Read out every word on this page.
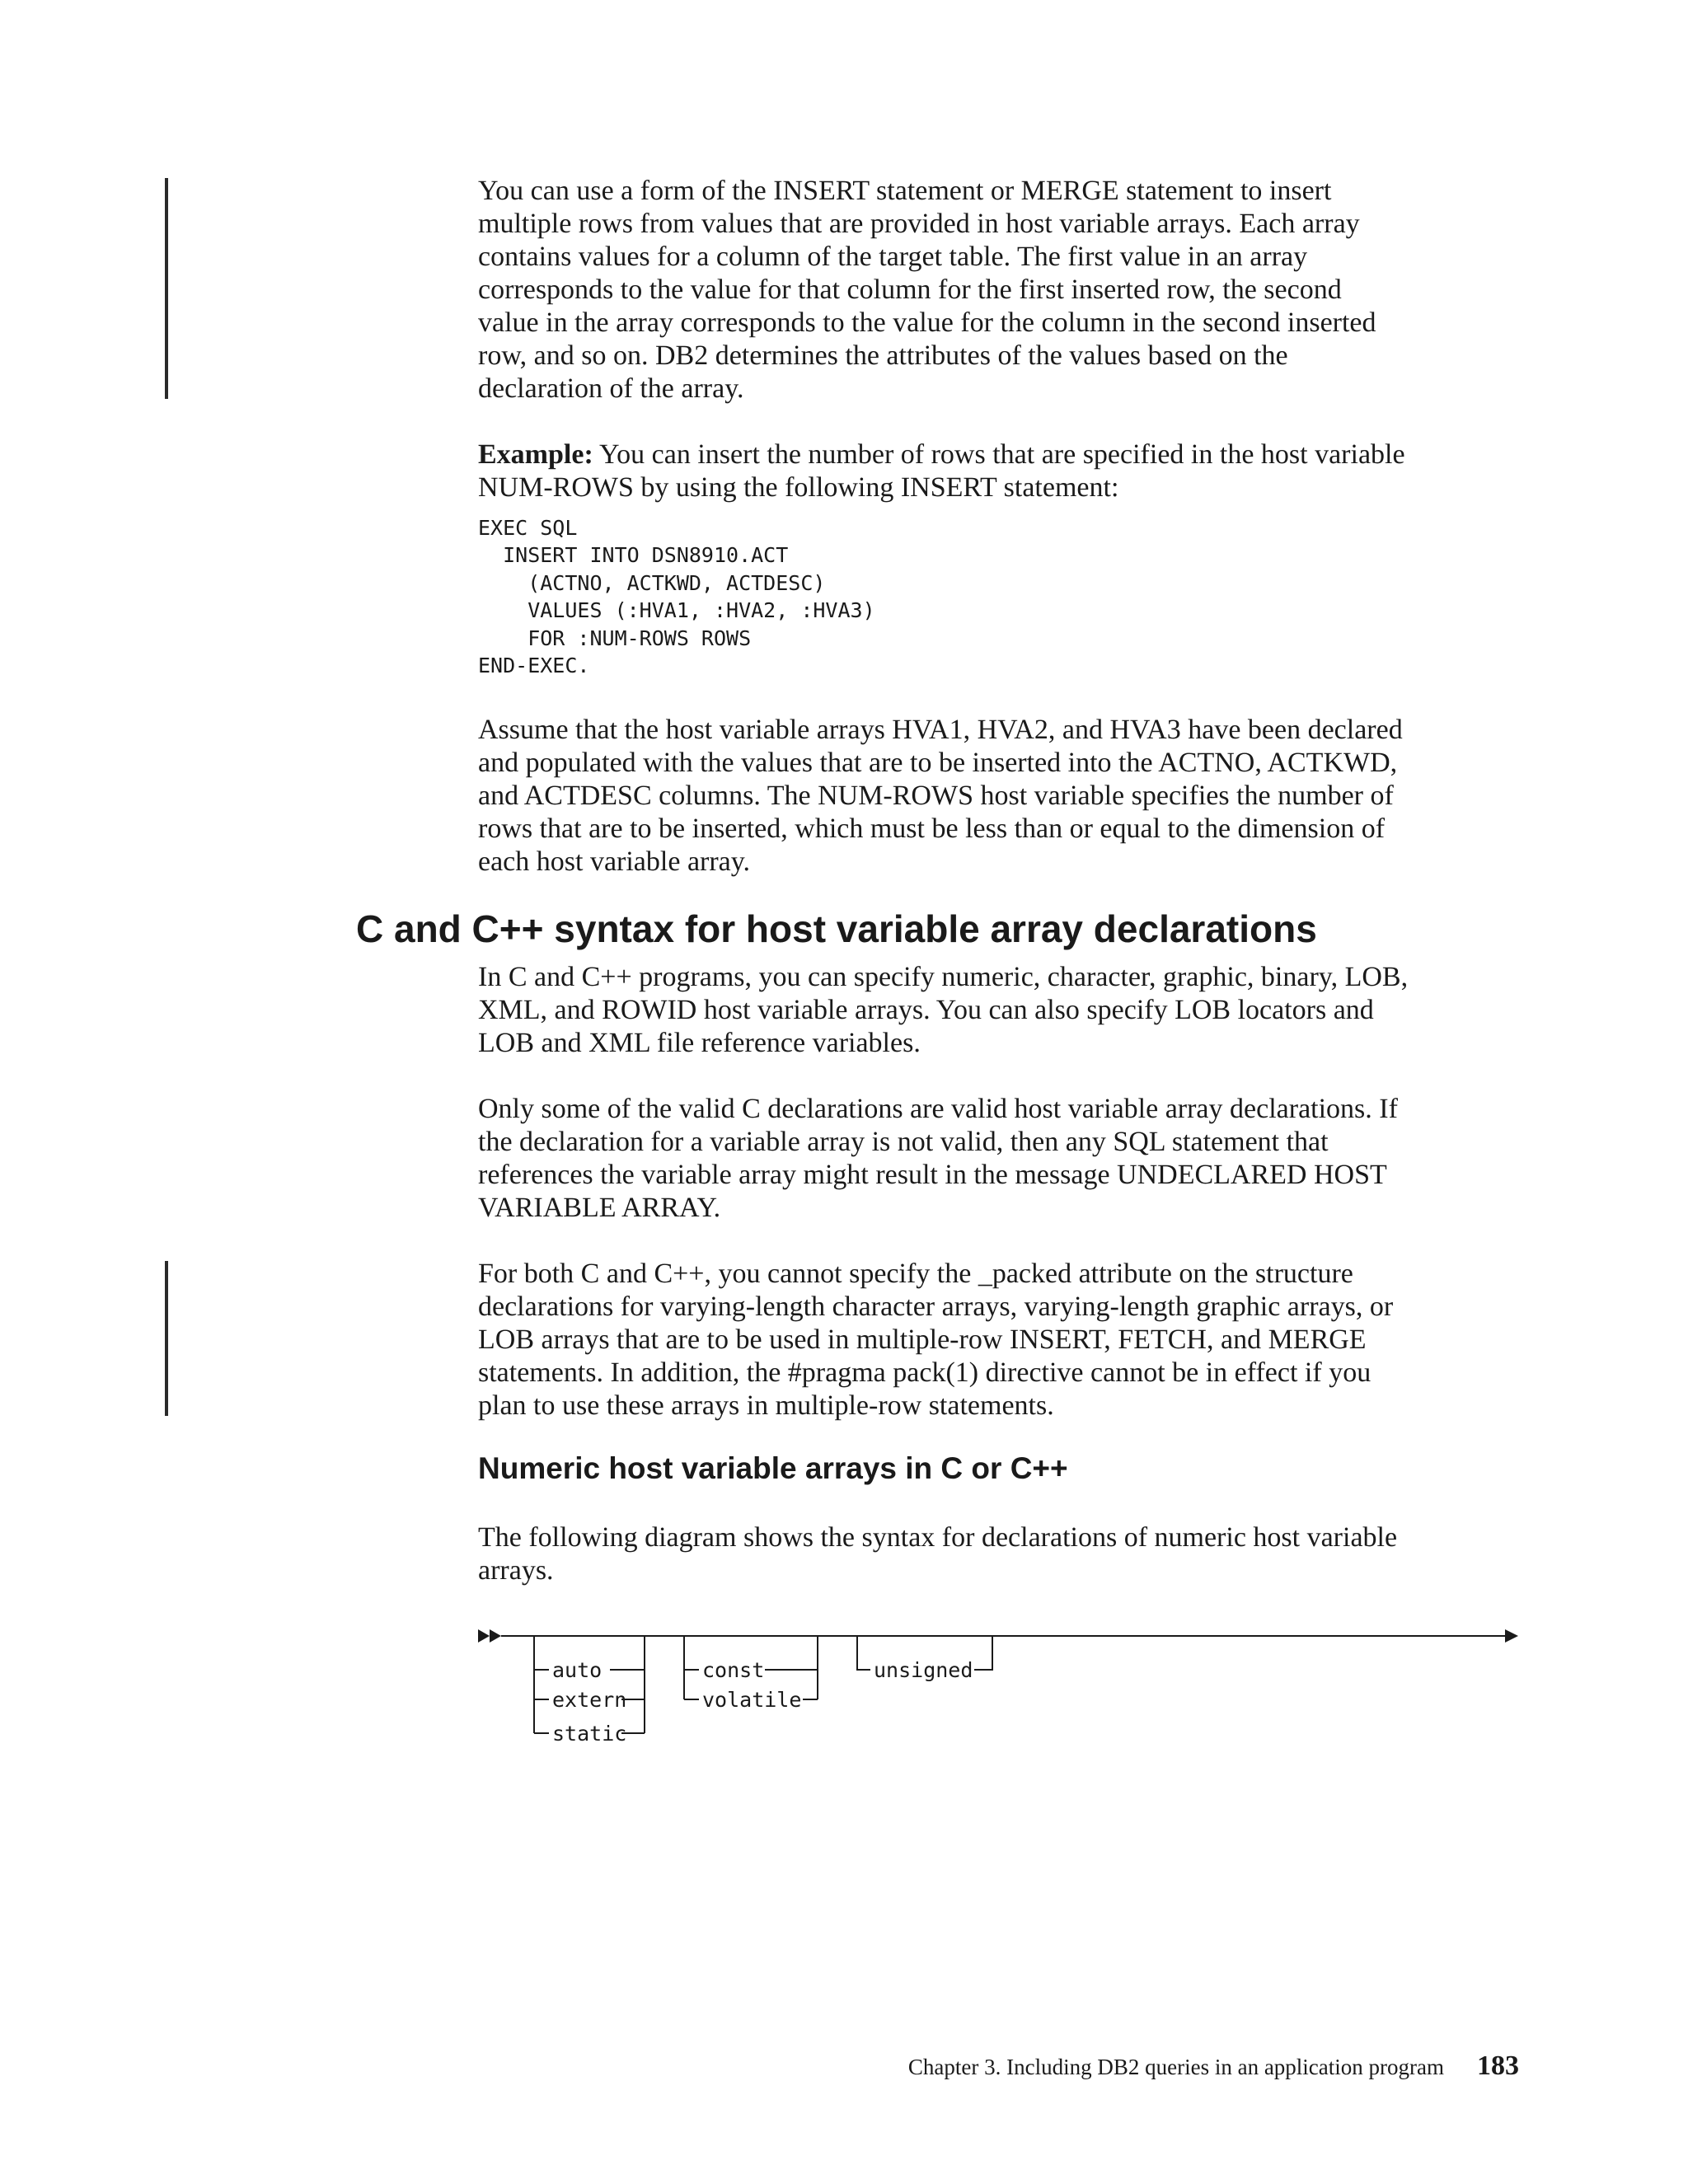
You can use a form of the INSERT statement or MERGE statement to insert
multiple rows from values that are provided in host variable arrays. Each array
contains values for a column of the target table. The first value in an array
corresponds to the value for that column for the first inserted row, the second
value in the array corresponds to the value for the column in the second inserted
row, and so on. DB2 determines the attributes of the values based on the
declaration of the array.

Example: You can insert the number of rows that are specified in the host variable
NUM-ROWS by using the following INSERT statement:

EXEC SQL
INSERT INTO DSN8910.ACT
(ACTNO, ACTKWD, ACTDESC)
VALUES (:HVA1, :HVA2, :HVA3)
FOR :NUM-ROWS ROWS
END-EXEC.

Assume that the host variable arrays HVA1, HVA2, and HVA3 have been declared
and populated with the values that are to be inserted into the ACTNO, ACTKWD,
and ACTDESC columns. The NUM-ROWS host variable specifies the number of
rows that are to be inserted, which must be less than or equal to the dimension of
each host variable array.

C and C++ syntax for host variable array declarations

In C and C++ programs, you can specify numeric, character, graphic, binary, LOB,
XML, and ROWID host variable arrays. You can also specify LOB locators and
LOB and XML file reference variables.

Only some of the valid C declarations are valid host variable array declarations. If
the declaration for a variable array is not valid, then any SQL statement that
references the variable array might result in the message UNDECLARED HOST
VARIABLE ARRAY.

For both C and C++, you cannot specify the _packed attribute on the structure
declarations for varying-length character arrays, varying-length graphic arrays, or
LOB arrays that are to be used in multiple-row INSERT, FETCH, and MERGE
statements. In addition, the #pragma pack(1) directive cannot be in effect if you
plan to use these arrays in multiple-row statements.

Numeric host variable arrays in C or C++

The following diagram shows the syntax for declarations of numeric host variable
arrays.

auto
extern
static
const
volatile
unsigned
Chapter 3. Including DB2 queries in an application program 183
